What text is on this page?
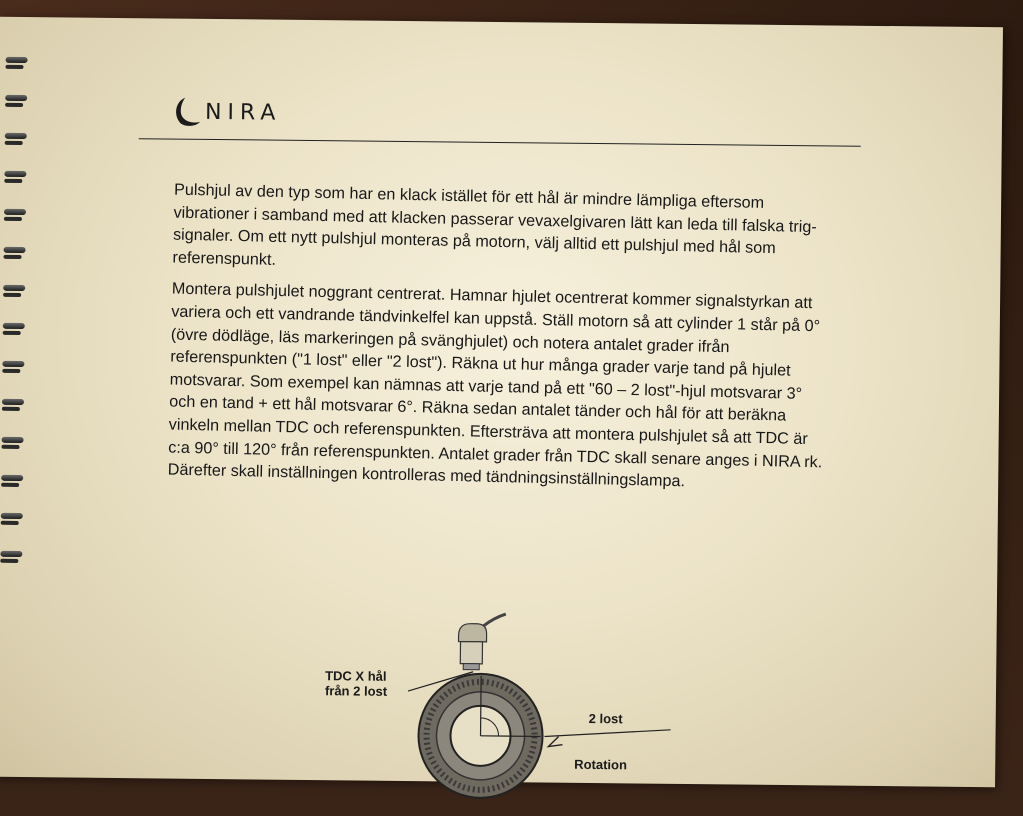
NIRA

Pulshjul av den typ som har en klack istället för ett hål är mindre lämpliga eftersom vibrationer i samband med att klacken passerar vevaxelgivaren lätt kan leda till falska trig-signaler. Om ett nytt pulshjul monteras på motorn, välj alltid ett pulshjul med hål som referenspunkt.

Montera pulshjulet noggrant centrerat. Hamnar hjulet ocentrerat kommer signalstyrkan att variera och ett vandrande tändvinkelfel kan uppstå. Ställ motorn så att cylinder 1 står på 0° (övre dödläge, läs markeringen på svänghjulet) och notera antalet grader ifrån referenspunkten ("1 lost" eller "2 lost"). Räkna ut hur många grader varje tand på hjulet motsvarar. Som exempel kan nämnas att varje tand på ett "60 – 2 lost"-hjul motsvarar 3° och en tand + ett hål motsvarar 6°. Räkna sedan antalet tänder och hål för att beräkna vinkeln mellan TDC och referenspunkten. Eftersträva att montera pulshjulet så att TDC är c:a 90° till 120° från referenspunkten. Antalet grader från TDC skall senare anges i NIRA rk. Därefter skall inställningen kontrolleras med tändningsinställningslampa.

TDC X hål
från 2 lost
2 lost
Rotation
